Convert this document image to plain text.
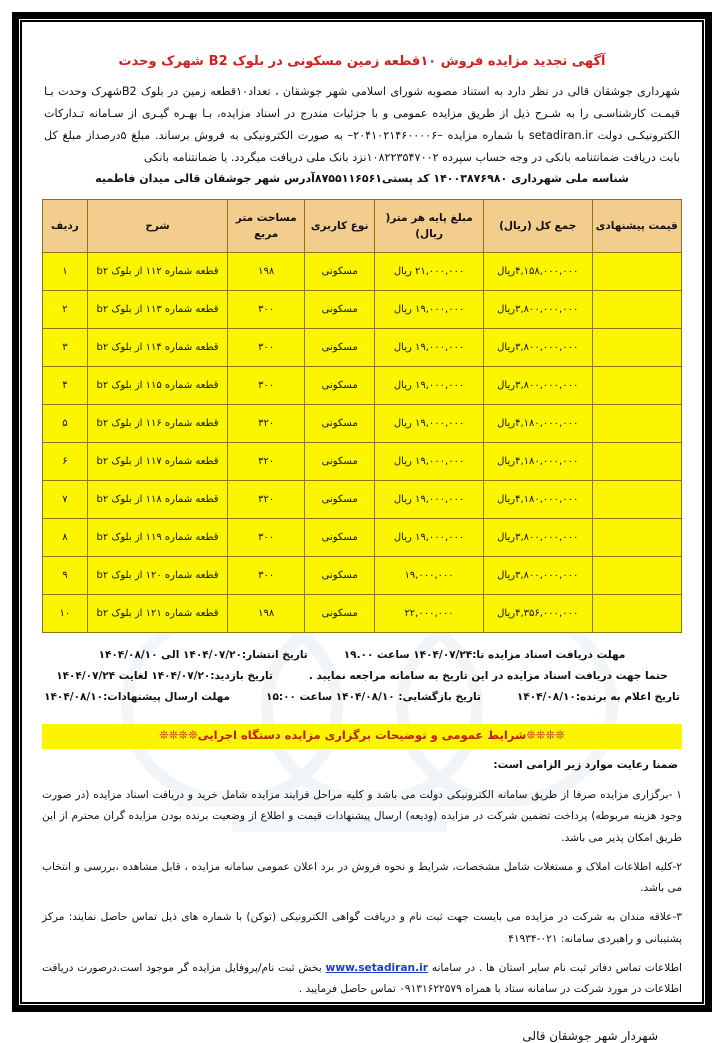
آگهی تجدید مزایده فروش ۱۰قطعه زمین مسکونی در بلوک B2 شهرک وحدت
شهرداری جوشقان قالی در نظر دارد به استناد مصوبه شورای اسلامی شهر جوشقان ، تعداد۱۰قطعه زمین در بلوک B2شهرک وحدت بـا قیمـت کارشناسـی را به شـرح ذیل از طریق مزایده عمومی و با جزئیات مندرج در اسناد مزایده، بـا بهـره گیـری از سـامانه تـدارکات الکترونیکـی دولت setadiran.ir با شماره مزایده –۲۰۴۱۰۲۱۴۶۰۰۰۰۶– به صورت الکترونیکی به فروش برساند. مبلغ ۵درصداز مبلغ کل بابت دریافت ضمانتنامه بانکی در وجه حساب سپرده ۱۰۸۲۲۳۵۴۷۰۰۲نزد بانک ملی دریافت میگردد. یا ضمانتنامه بانکی
شناسه ملی شهرداری ۱۴۰۰۳۸۷۶۹۸۰ کد پستی۸۷۵۵۱۱۶۵۶۱آدرس شهر جوشقان قالی میدان فاطمیه
قیمت پیشنهادی	جمع کل (ریال)	مبلغ پایه هر متر( ریال)	نوع کاربری	مساحت متر مربع	شرح	ردیف
	۴,۱۵۸,۰۰۰,۰۰۰ریال	۲۱,۰۰۰,۰۰۰ ریال	مسکونی	۱۹۸	قطعه شماره ۱۱۲ از بلوک b۲	۱
	۳,۸۰۰,۰۰۰,۰۰۰ریال	۱۹,۰۰۰,۰۰۰ ریال	مسکونی	۳۰۰	قطعه شماره ۱۱۳ از بلوک b۲	۲
	۳,۸۰۰,۰۰۰,۰۰۰ریال	۱۹,۰۰۰,۰۰۰ ریال	مسکونی	۳۰۰	قطعه شماره ۱۱۴ از بلوک b۲	۳
	۳,۸۰۰,۰۰۰,۰۰۰ریال	۱۹,۰۰۰,۰۰۰ ریال	مسکونی	۳۰۰	قطعه شماره ۱۱۵ از بلوک b۲	۴
	۴,۱۸۰,۰۰۰,۰۰۰ریال	۱۹,۰۰۰,۰۰۰ ریال	مسکونی	۳۲۰	قطعه شماره ۱۱۶ از بلوک b۲	۵
	۴,۱۸۰,۰۰۰,۰۰۰ریال	۱۹,۰۰۰,۰۰۰ ریال	مسکونی	۳۲۰	قطعه شماره ۱۱۷ از بلوک b۲	۶
	۴,۱۸۰,۰۰۰,۰۰۰ریال	۱۹,۰۰۰,۰۰۰ ریال	مسکونی	۳۲۰	قطعه شماره ۱۱۸ از بلوک b۲	۷
	۳,۸۰۰,۰۰۰,۰۰۰ریال	۱۹,۰۰۰,۰۰۰ ریال	مسکونی	۳۰۰	قطعه شماره ۱۱۹ از بلوک b۲	۸
	۳,۸۰۰,۰۰۰,۰۰۰ریال	۱۹,۰۰۰,۰۰۰	مسکونی	۳۰۰	قطعه شماره ۱۲۰ از بلوک b۲	۹
	۴,۳۵۶,۰۰۰,۰۰۰ریال	۲۲,۰۰۰,۰۰۰	مسکونی	۱۹۸	قطعه شماره ۱۲۱ از بلوک b۲	۱۰
مهلت دریافت اسناد مزایده تا:۱۴۰۴/۰۷/۲۴ ساعت ۱۹.۰۰
تاریخ انتشار:۱۴۰۴/۰۷/۲۰ الی ۱۴۰۴/۰۸/۱۰
حتما جهت دریافت اسناد مزایده در این تاریخ به سامانه مراجعه نمایبد .
تاریخ بازدید:۱۴۰۴/۰۷/۲۰ لغایت ۱۴۰۴/۰۷/۲۴
تاریخ اعلام به برنده:۱۴۰۴/۰۸/۱۰
تاریخ بازگشایی: ۱۴۰۴/۰۸/۱۰ ساعت ۱۵:۰۰
مهلت ارسال پیشنهادات:۱۴۰۴/۰۸/۱۰
❊❊❊❊شرایط عمومی و توضیحات برگزاری مزایده دستگاه اجرایی❊❊❊❊
ضمنا رعایت موارد زیر الزامی است:

۱ -برگزاری مزایده صرفا از طریق سامانه الکترونیکی دولت می باشد و کلیه مراحل فرایند مزایده شامل خرید و دریافت اسناد مزایده (در صورت وجود هزینه مربوطه) پرداخت تضمین شرکت در مزایده (ودیعه) ارسال پیشنهادات قیمت و اطلاع از وضعیت برنده بودن مزایده گران محترم از این طریق امکان پذیر می باشد.

۲-کلیه اطلاعات املاک و مستغلات شامل مشخصات، شرایط و نحوه فروش در برد اعلان عمومی سامانه مزایده ، قابل مشاهده ،بررسی و انتخاب می باشد.

۳-علاقه مندان به شرکت در مزایده می بایست جهت ثبت نام و دریافت گواهی الکترونیکی (توکن) با شماره های ذیل تماس حاصل نمایند: مرکز پشتیبانی و راهبردی سامانه: ۰۲۱-۴۱۹۳۴

اطلاعات تماس دفاتر ثبت نام سایر استان ها . در سامانه www.setadiran.ir بخش ثبت نام/پروفایل مزایده گر موجود است.درصورت دریافت اطلاعات در مورد شرکت در سامانه ستاد با همراه ۰۹۱۳۱۶۲۲۵۷۹ تماس حاصل فرمایید .

شهردار شهر جوشقان قالی
